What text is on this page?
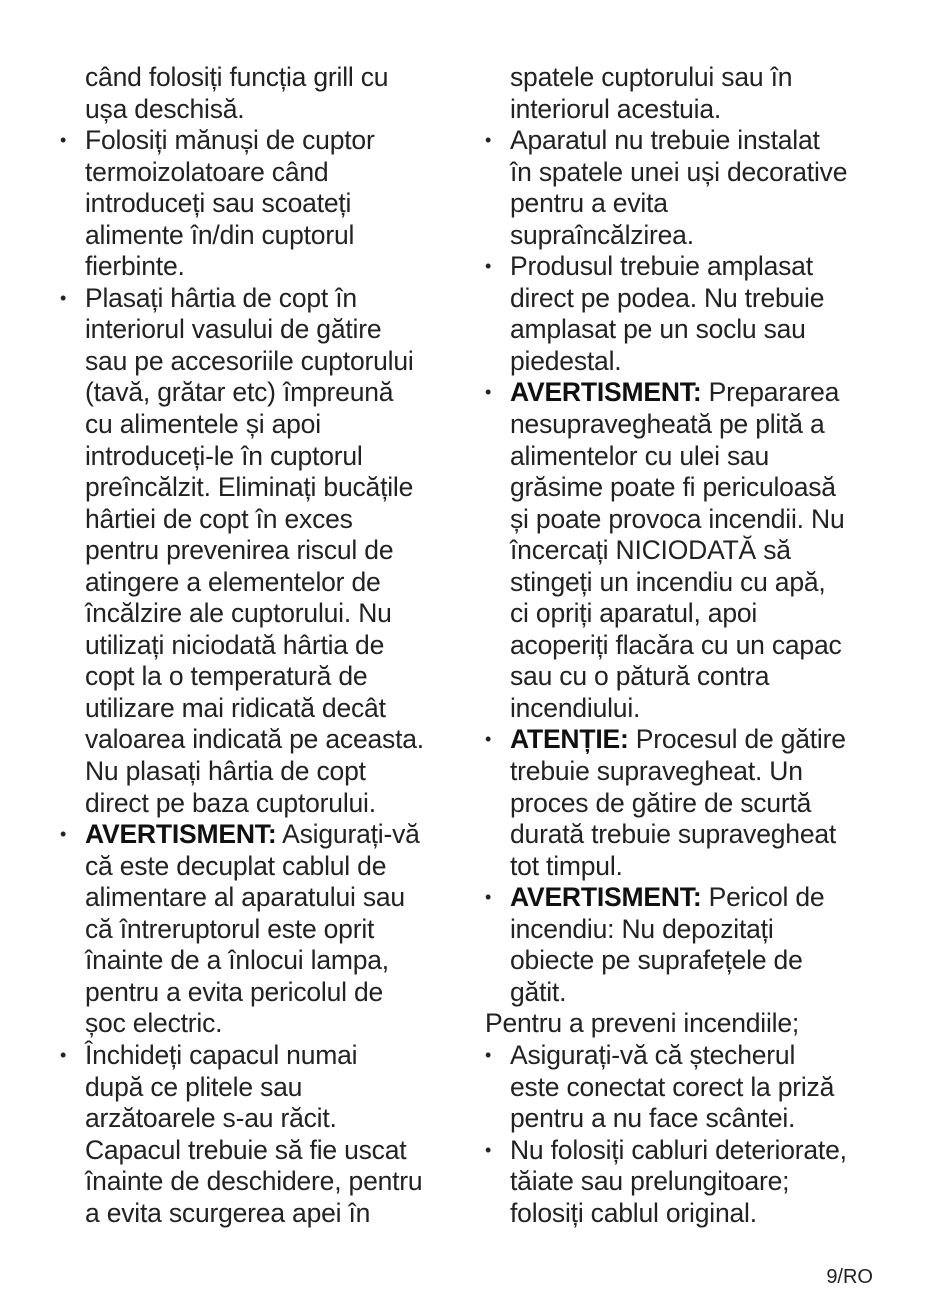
când folosiți funcția grill cu
ușa deschisă.
• Folosiți mănuși de cuptor
termoizolatoare când
introduceți sau scoateți
alimente în/din cuptorul
fierbinte.
• Plasați hârtia de copt în
interiorul vasului de gătire
sau pe accesoriile cuptorului
(tavă, grătar etc) împreună
cu alimentele și apoi
introduceți-le în cuptorul
preîncălzit. Eliminați bucățile
hârtiei de copt în exces
pentru prevenirea riscul de
atingere a elementelor de
încălzire ale cuptorului. Nu
utilizați niciodată hârtia de
copt la o temperatură de
utilizare mai ridicată decât
valoarea indicată pe aceasta.
Nu plasați hârtia de copt
direct pe baza cuptorului.
• AVERTISMENT: Asigurați-vă
că este decuplat cablul de
alimentare al aparatului sau
că întreruptorul este oprit
înainte de a înlocui lampa,
pentru a evita pericolul de
șoc electric.
• Închideți capacul numai
după ce plitele sau
arzătoarele s-au răcit.
Capacul trebuie să fie uscat
înainte de deschidere, pentru
a evita scurgerea apei în
spatele cuptorului sau în
interiorul acestuia.
• Aparatul nu trebuie instalat
în spatele unei uși decorative
pentru a evita
supraîncălzirea.
• Produsul trebuie amplasat
direct pe podea. Nu trebuie
amplasat pe un soclu sau
piedestal.
• AVERTISMENT: Prepararea
nesupravegheată pe plită a
alimentelor cu ulei sau
grăsime poate fi periculoasă
și poate provoca incendii. Nu
încercați NICIODATĂ să
stingeți un incendiu cu apă,
ci opriți aparatul, apoi
acoperiți flacăra cu un capac
sau cu o pătură contra
incendiului.
• ATENȚIE: Procesul de gătire
trebuie supravegheat. Un
proces de gătire de scurtă
durată trebuie supravegheat
tot timpul.
• AVERTISMENT: Pericol de
incendiu: Nu depozitați
obiecte pe suprafețele de
gătit.
Pentru a preveni incendiile;
• Asigurați-vă că ștecherul
este conectat corect la priză
pentru a nu face scântei.
• Nu folosiți cabluri deteriorate,
tăiate sau prelungitoare;
folosiți cablul original.
9/RO
